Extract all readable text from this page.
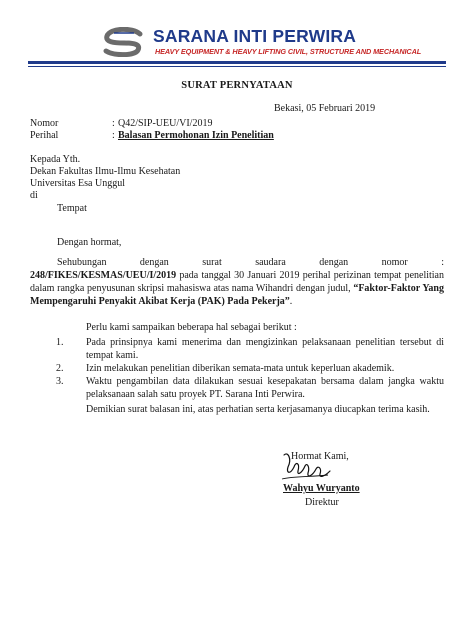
SARANA INTI PERWIRA
HEAVY EQUIPMENT & HEAVY LIFTING CIVIL, STRUCTURE AND MECHANICAL
SURAT PERNYATAAN
Bekasi, 05 Februari 2019
Nomor	: Q42/SIP-UEU/VI/2019
Perihal	: Balasan Permohonan Izin Penelitian
Kepada Yth.
Dekan Fakultas Ilmu-Ilmu Kesehatan
Universitas Esa Unggul
di
Tempat
Dengan hormat,
Sehubungan dengan surat saudara dengan nomor :
248/FIKES/KESMAS/UEU/I/2019 pada tanggal 30 Januari 2019 perihal perizinan tempat penelitian dalam rangka penyusunan skripsi mahasiswa atas nama Wihandri dengan judul, “Faktor-Faktor Yang Mempengaruhi Penyakit Akibat Kerja (PAK) Pada Pekerja”.
Perlu kami sampaikan beberapa hal sebagai berikut :
1. Pada prinsipnya kami menerima dan mengizinkan pelaksanaan penelitian tersebut di tempat kami.
2. Izin melakukan penelitian diberikan semata-mata untuk keperluan akademik.
3. Waktu pengambilan data dilakukan sesuai kesepakatan bersama dalam jangka waktu pelaksanaan salah satu proyek PT. Sarana Inti Perwira.
Demikian surat balasan ini, atas perhatian serta kerjasamanya diucapkan terima kasih.
Hormat Kami,
Wahyu Wuryanto
Direktur
